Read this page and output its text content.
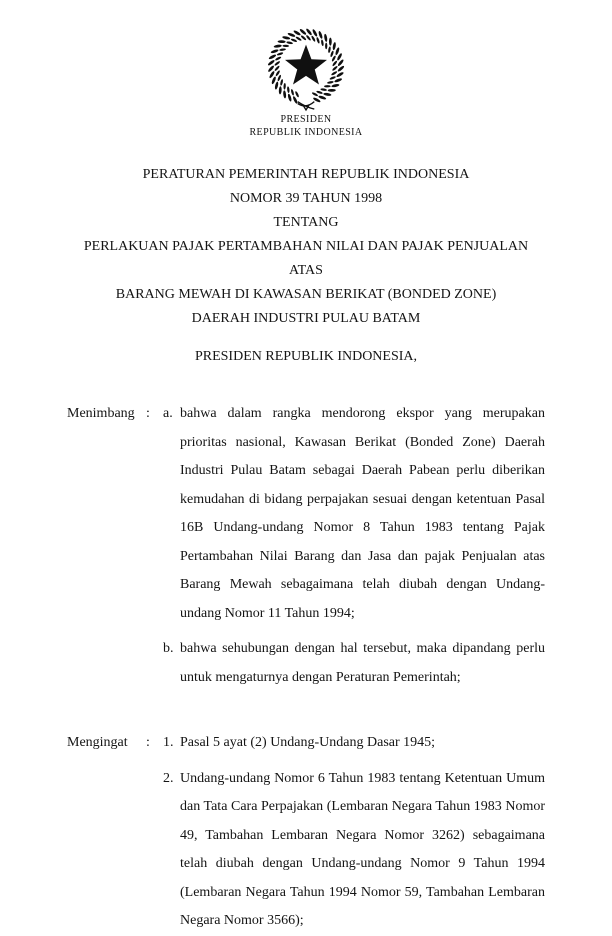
PRESIDEN
REPUBLIK INDONESIA
PERATURAN PEMERINTAH REPUBLIK INDONESIA
NOMOR 39 TAHUN 1998
TENTANG
PERLAKUAN PAJAK PERTAMBAHAN NILAI DAN PAJAK PENJUALAN ATAS
BARANG MEWAH DI KAWASAN BERIKAT (BONDED ZONE)
DAERAH INDUSTRI PULAU BATAM
PRESIDEN REPUBLIK INDONESIA,
Menimbang : a. bahwa dalam rangka mendorong ekspor yang merupakan prioritas nasional, Kawasan Berikat (Bonded Zone) Daerah Industri Pulau Batam sebagai Daerah Pabean perlu diberikan kemudahan di bidang perpajakan sesuai dengan ketentuan Pasal 16B Undang-undang Nomor 8 Tahun 1983 tentang Pajak Pertambahan Nilai Barang dan Jasa dan pajak Penjualan atas Barang Mewah sebagaimana telah diubah dengan Undang-undang Nomor 11 Tahun 1994;
b. bahwa sehubungan dengan hal tersebut, maka dipandang perlu untuk mengaturnya dengan Peraturan Pemerintah;
Mengingat	: 1. Pasal 5 ayat (2) Undang-Undang Dasar 1945;
2. Undang-undang Nomor 6 Tahun 1983 tentang Ketentuan Umum dan Tata Cara Perpajakan (Lembaran Negara Tahun 1983 Nomor 49, Tambahan Lembaran Negara Nomor 3262) sebagaimana telah diubah dengan Undang-undang Nomor 9 Tahun 1994 (Lembaran Negara Tahun 1994 Nomor 59, Tambahan Lembaran Negara Nomor 3566);
